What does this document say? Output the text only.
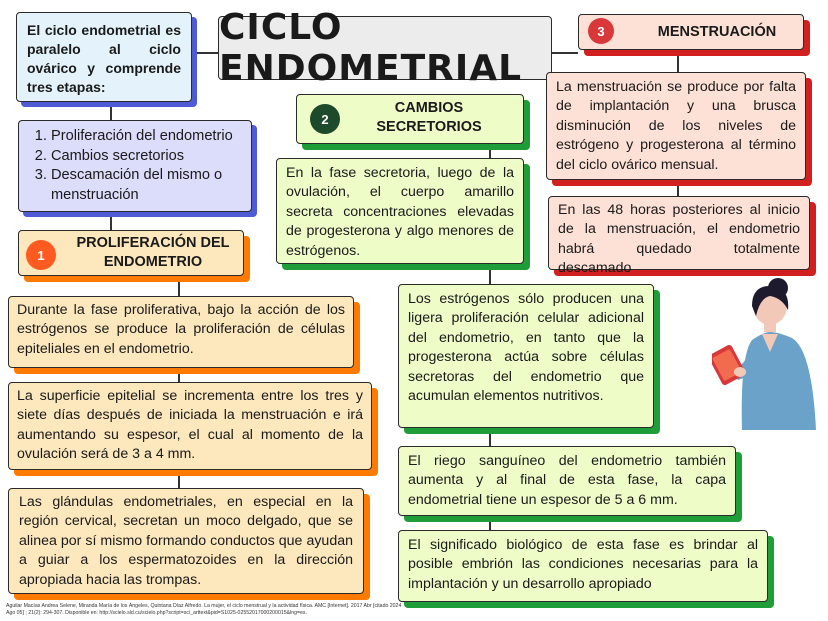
El ciclo endometrial es paralelo al ciclo ovárico y comprende tres etapas:
CICLO ENDOMETRIAL
1. Proliferación del endometrio
2. Cambios secretorios
3. Descamación del mismo o menstruación
PROLIFERACIÓN DEL ENDOMETRIO
1
Durante la fase proliferativa, bajo la acción de los estrógenos se produce la proliferación de células epiteliales en el endometrio.
La superficie epitelial se incrementa entre los tres y siete días después de iniciada la menstruación e irá aumentando su espesor, el cual al momento de la ovulación será de 3 a 4 mm.
Las glándulas endometriales, en especial en la región cervical, secretan un moco delgado, que se alinea por sí mismo formando conductos que ayudan a guiar a los espermatozoides en la dirección apropiada hacia las trompas.
CAMBIOS SECRETORIOS
2
En la fase secretoria, luego de la ovulación, el cuerpo amarillo secreta concentraciones elevadas de progesterona y algo menores de estrógenos.
Los estrógenos sólo producen una ligera proliferación celular adicional del endometrio, en tanto que la progesterona actúa sobre células secretoras del endometrio que acumulan elementos nutritivos.
El riego sanguíneo del endometrio también aumenta y al final de esta fase, la capa endometrial tiene un espesor de 5 a 6 mm.
El significado biológico de esta fase es brindar al posible embrión las condiciones necesarias para la implantación y un desarrollo apropiado
MENSTRUACIÓN
3
La menstruación se produce por falta de implantación y una brusca disminución de los niveles de estrógeno y progesterona al término del ciclo ovárico mensual.
En las 48 horas posteriores al inicio de la menstruación, el endometrio habrá quedado totalmente descamado
Aguilar Macías Andrea Selene, Miranda María de los Ángeles, Quintana Díaz Alfredo. La mujer, el ciclo menstrual y la actividad física. AMC [Internet]. 2017 Abr [citado 2024 Ago 05] ; 21(2): 294-307. Disponible en: http://scielo.sld.cu/scielo.php?script=sci_arttext&pid=S1025-02552017000200015&lng=es.
